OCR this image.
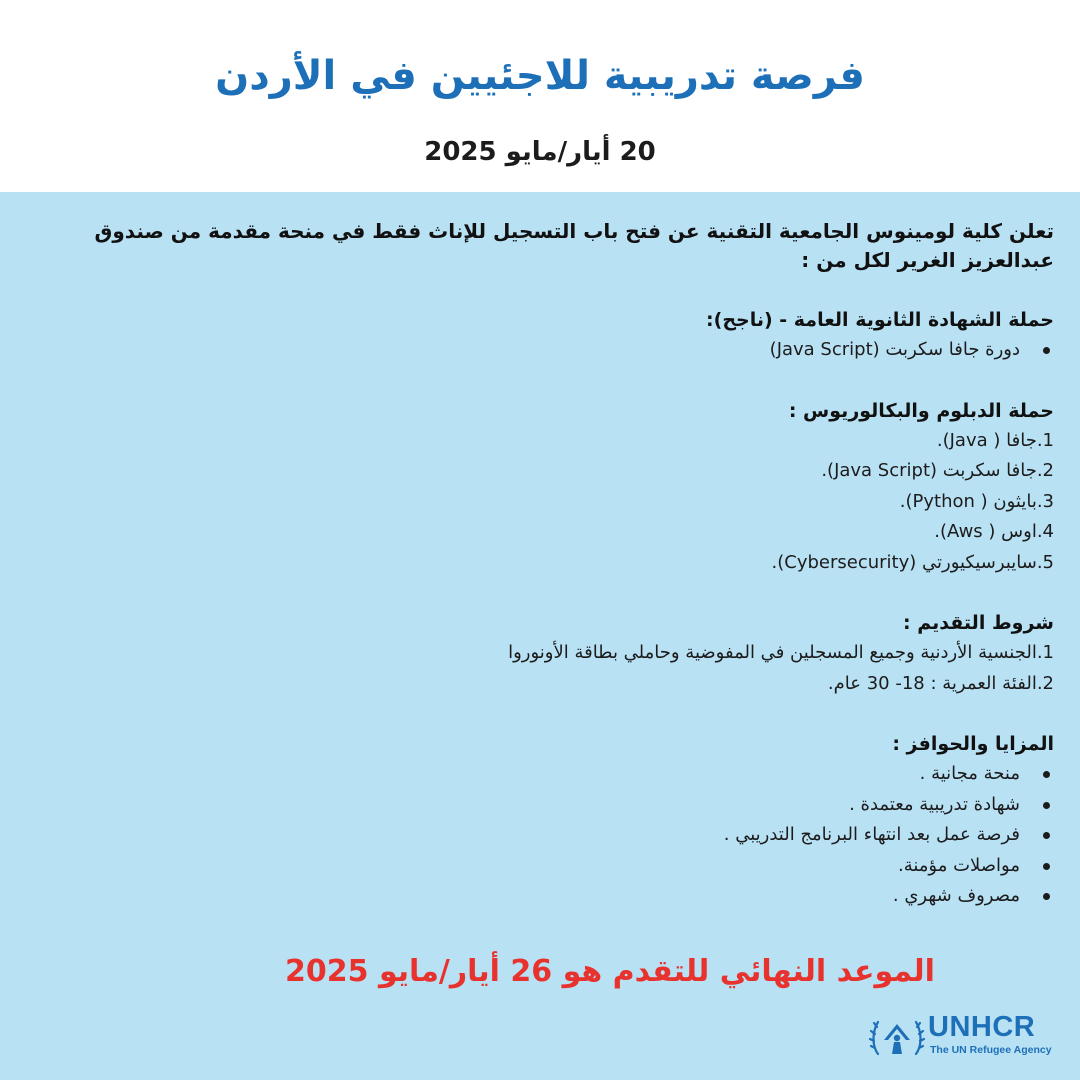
فرصة تدريبية للاجئيين في الأردن
20 أيار/مايو 2025

تعلن كلية لومينوس الجامعية التقنية عن فتح باب التسجيل للإناث فقط في منحة مقدمة من صندوق عبدالعزيز الغرير لكل من :

حملة الشهادة الثانوية العامة - (ناجح):
دورة جافا سكربت (Java Script)
حملة الدبلوم والبكالوريوس :
1.جافا ( Java).
2.جافا سكربت (Java Script).
3.بايثون ( Python).
4.اوس ( Aws).
5.سايبرسيكيورتي (Cybersecurity).
شروط التقديم :
1.الجنسية الأردنية وجميع المسجلين في المفوضية وحاملي بطاقة الأونوروا
2.الفئة العمرية : 18- 30 عام.
المزايا والحوافز :
منحة مجانية .
شهادة تدريبية معتمدة .
فرصة عمل بعد انتهاء البرنامج التدريبي .
مواصلات مؤمنة.
مصروف شهري .
الموعد النهائي للتقدم هو 26 أيار/مايو 2025
UNHCR
The UN Refugee Agency
